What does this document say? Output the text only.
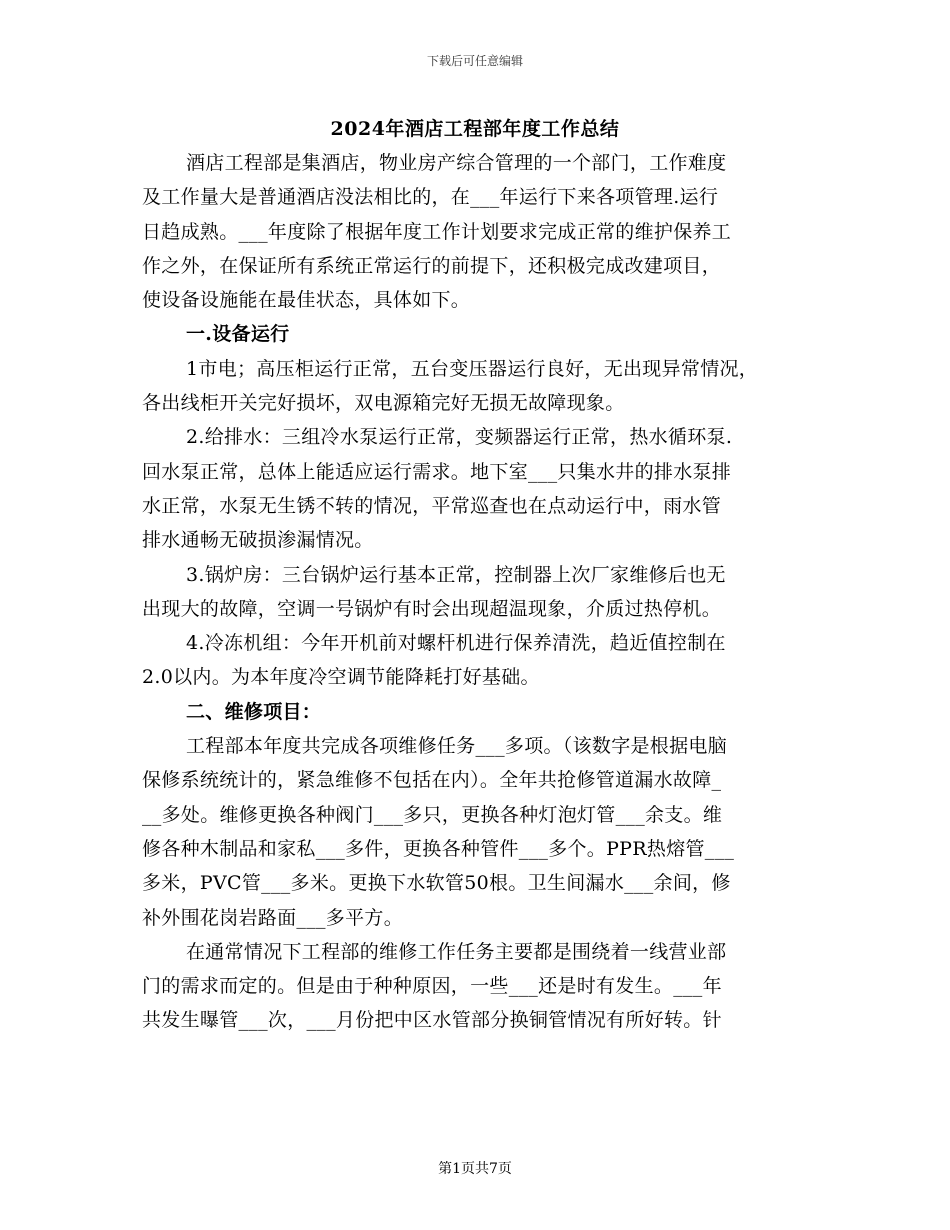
下载后可任意编辑
2024年酒店工程部年度工作总结
酒店工程部是集酒店，物业房产综合管理的一个部门，工作难度
及工作量大是普通酒店没法相比的，在___年运行下来各项管理.运行
日趋成熟。___年度除了根据年度工作计划要求完成正常的维护保养工
作之外，在保证所有系统正常运行的前提下，还积极完成改建项目，
使设备设施能在最佳状态，具体如下。
一.设备运行
1市电；高压柜运行正常，五台变压器运行良好，无出现异常情况，
各出线柜开关完好损坏，双电源箱完好无损无故障现象。
2.给排水：三组冷水泵运行正常，变频器运行正常，热水循环泵.
回水泵正常，总体上能适应运行需求。地下室___只集水井的排水泵排
水正常，水泵无生锈不转的情况，平常巡查也在点动运行中，雨水管
排水通畅无破损渗漏情况。
3.锅炉房：三台锅炉运行基本正常，控制器上次厂家维修后也无
出现大的故障，空调一号锅炉有时会出现超温现象，介质过热停机。
4.冷冻机组：今年开机前对螺杆机进行保养清洗，趋近值控制在
2.0以内。为本年度冷空调节能降耗打好基础。
二、维修项目：
工程部本年度共完成各项维修任务___多项。（该数字是根据电脑
保修系统统计的，紧急维修不包括在内）。全年共抢修管道漏水故障_
__多处。维修更换各种阀门___多只，更换各种灯泡灯管___余支。维
修各种木制品和家私___多件，更换各种管件___多个。PPR热熔管___
多米，PVC管___多米。更换下水软管50根。卫生间漏水___余间，修
补外围花岗岩路面___多平方。
在通常情况下工程部的维修工作任务主要都是围绕着一线营业部
门的需求而定的。但是由于种种原因，一些___还是时有发生。___年
共发生曝管___次，___月份把中区水管部分换铜管情况有所好转。针
第1页共7页
